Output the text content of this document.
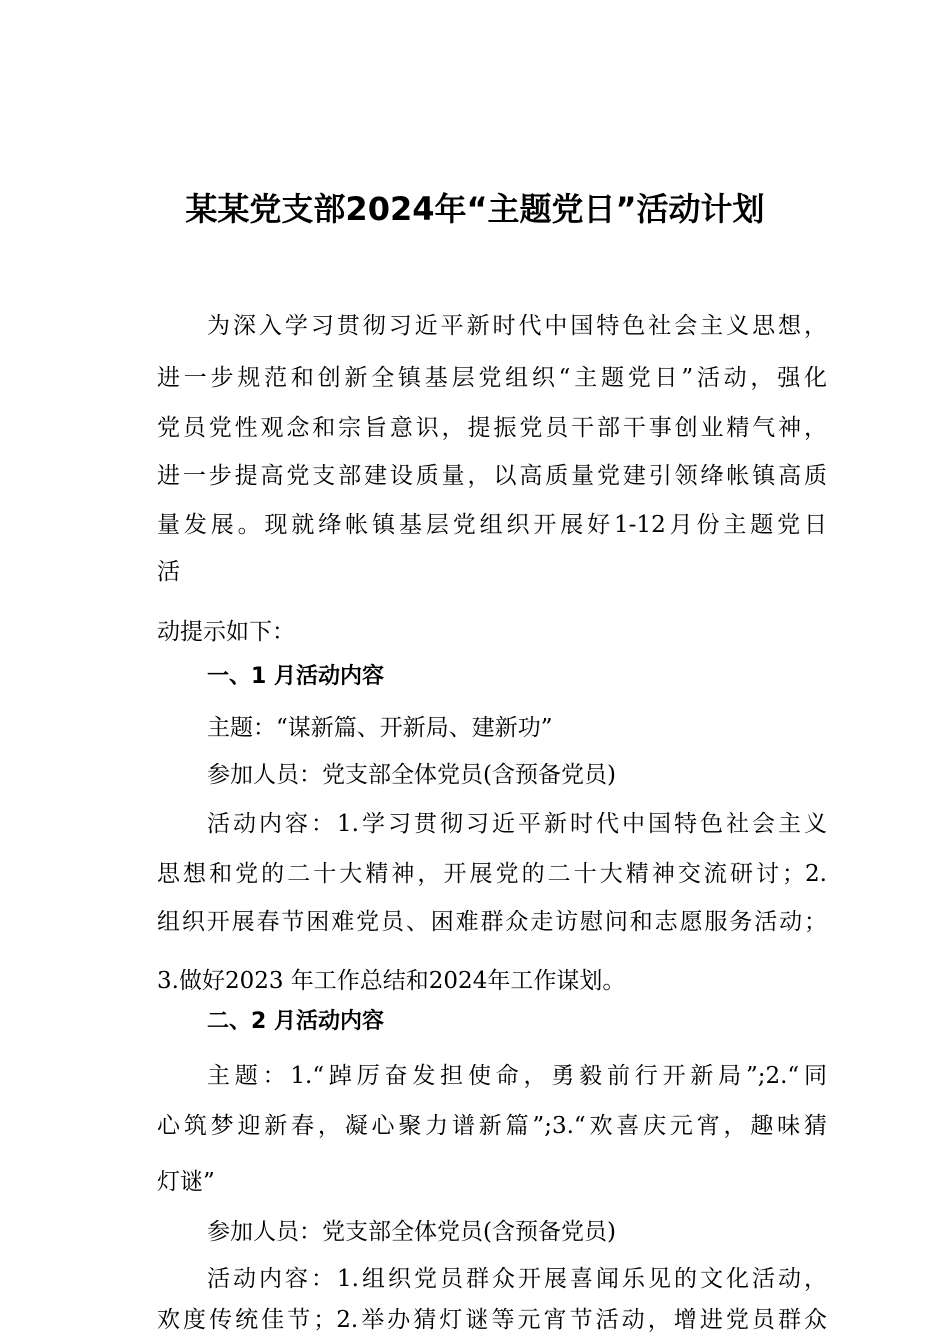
某某党支部2024年“主题党日”活动计划
为深入学习贯彻习近平新时代中国特色社会主义思想，
进一步规范和创新全镇基层党组织“主题党日”活动，强化
党员党性观念和宗旨意识，提振党员干部干事创业精气神，
进一步提高党支部建设质量，以高质量党建引领绛帐镇高质
量发展。现就绛帐镇基层党组织开展好1-12月份主题党日
活
动提示如下：
一、1 月活动内容
主题：“谋新篇、开新局、建新功”
参加人员：党支部全体党员(含预备党员)
活动内容：1.学习贯彻习近平新时代中国特色社会主义
思想和党的二十大精神，开展党的二十大精神交流研讨；2.
组织开展春节困难党员、困难群众走访慰问和志愿服务活动；
3.做好2023 年工作总结和2024年工作谋划。
二、2 月活动内容
主题：1.“踔厉奋发担使命，勇毅前行开新局”;2.“同
心筑梦迎新春，凝心聚力谱新篇”;3.“欢喜庆元宵，趣味猜
灯谜”
参加人员：党支部全体党员(含预备党员)
活动内容：1.组织党员群众开展喜闻乐见的文化活动，
欢度传统佳节；2.举办猜灯谜等元宵节活动，增进党员群众
